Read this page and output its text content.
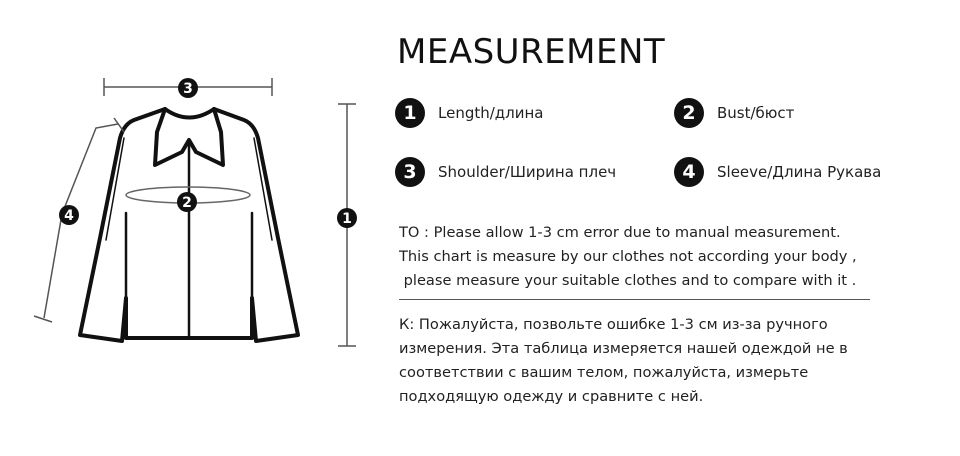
3
2
1
4
MEASUREMENT
1	Length/длина	2	Bust/бюст
3	Shoulder/Ширина плеч	4	Sleeve/Длина Рукава
TO : Please allow 1-3 cm error due to manual measurement.
This chart is measure by our clothes not according your body ,
please measure your suitable clothes and to compare with it .
К: Пожалуйста, позвольте ошибке 1-3 см из-за ручного
измерения. Эта таблица измеряется нашей одеждой не в
соответствии с вашим телом, пожалуйста, измерьте
подходящую одежду и сравните с ней.
